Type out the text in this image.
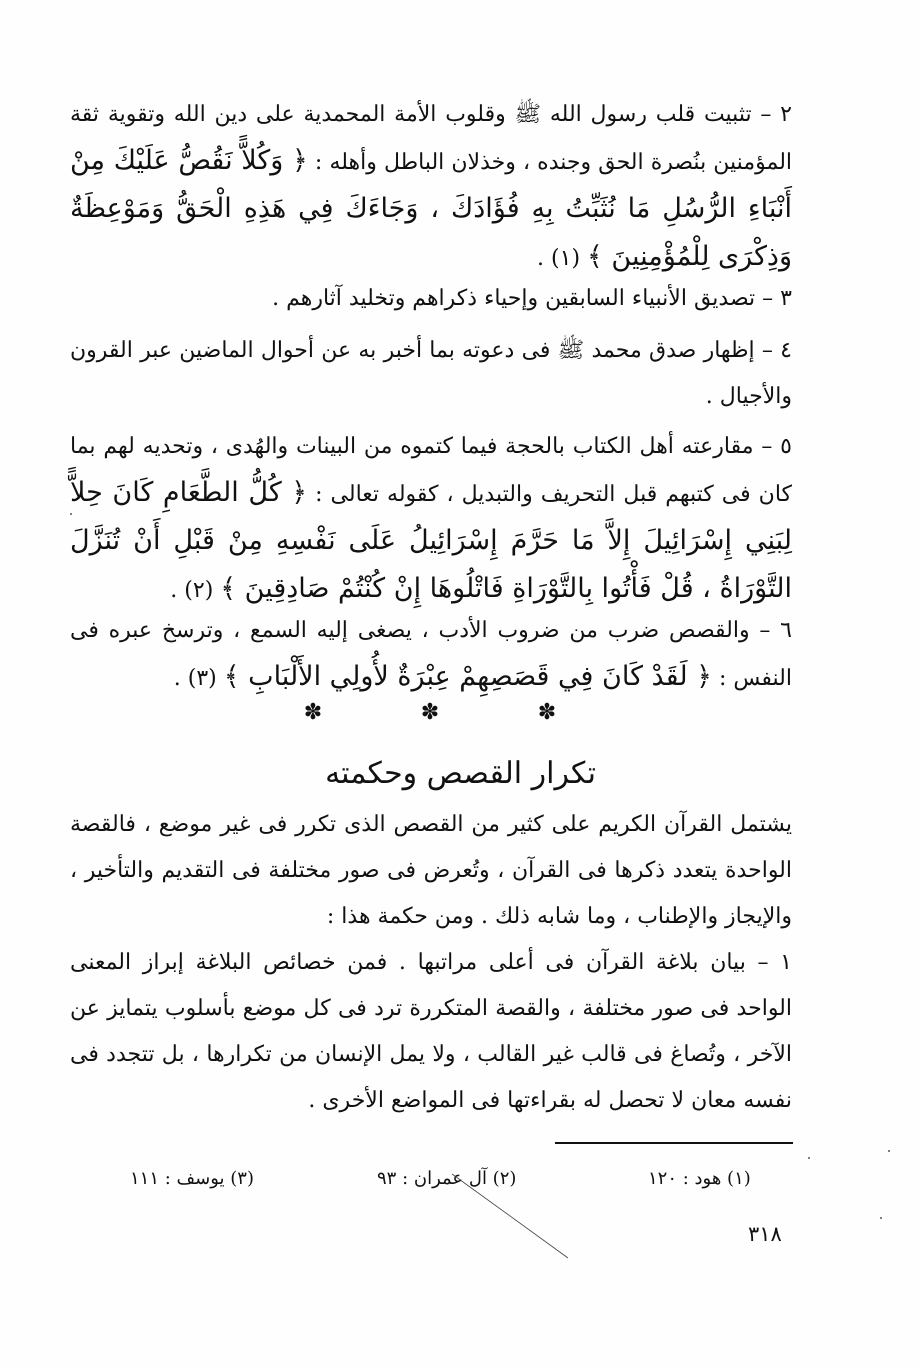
٢ – تثبيت قلب رسول الله ﷺ وقلوب الأمة المحمدية على دين الله وتقوية ثقة المؤمنين بنُصرة الحق وجنده ، وخذلان الباطل وأهله : ﴿ وَكُلاًّ نَقُصُّ عَلَيْكَ مِنْ أَنْبَاءِ الرُّسُلِ مَا نُثَبِّتُ بِهِ فُؤَادَكَ ، وَجَاءَكَ فِي هَذِهِ الْحَقُّ وَمَوْعِظَةٌ وَذِكْرَى لِلْمُؤْمِنِينَ ﴾ (١) .
٣ – تصديق الأنبياء السابقين وإحياء ذكراهم وتخليد آثارهم .
٤ – إظهار صدق محمد ﷺ فى دعوته بما أخبر به عن أحوال الماضين عبر القرون والأجيال .
٥ – مقارعته أهل الكتاب بالحجة فيما كتموه من البينات والهُدى ، وتحديه لهم بما كان فى كتبهم قبل التحريف والتبديل ، كقوله تعالى : ﴿ كُلُّ الطَّعَامِ كَانَ حِلاًّ لِبَنِي إِسْرَائِيلَ إِلاَّ مَا حَرَّمَ إِسْرَائِيلُ عَلَى نَفْسِهِ مِنْ قَبْلِ أَنْ تُنَزَّلَ التَّوْرَاةُ ، قُلْ فَأْتُوا بِالتَّوْرَاةِ فَاتْلُوهَا إِنْ كُنْتُمْ صَادِقِينَ ﴾ (٢) .
٦ – والقصص ضرب من ضروب الأدب ، يصغى إليه السمع ، وترسخ عبره فى النفس : ﴿ لَقَدْ كَانَ فِي قَصَصِهِمْ عِبْرَةٌ لأُولِي الأَلْبَابِ ﴾ (٣) .
✽
✽
✽
تكرار القصص وحكمته
يشتمل القرآن الكريم على كثير من القصص الذى تكرر فى غير موضع ، فالقصة الواحدة يتعدد ذكرها فى القرآن ، وتُعرض فى صور مختلفة فى التقديم والتأخير ، والإيجاز والإطناب ، وما شابه ذلك . ومن حكمة هذا :
١ – بيان بلاغة القرآن فى أعلى مراتبها . فمن خصائص البلاغة إبراز المعنى الواحد فى صور مختلفة ، والقصة المتكررة ترد فى كل موضع بأسلوب يتمايز عن الآخر ، وتُصاغ فى قالب غير القالب ، ولا يمل الإنسان من تكرارها ، بل تتجدد فى نفسه معان لا تحصل له بقراءتها فى المواضع الأخرى .
(١) هود : ١٢٠
(٢) آل عمران : ٩٣
(٣) يوسف : ١١١
٣١٨
